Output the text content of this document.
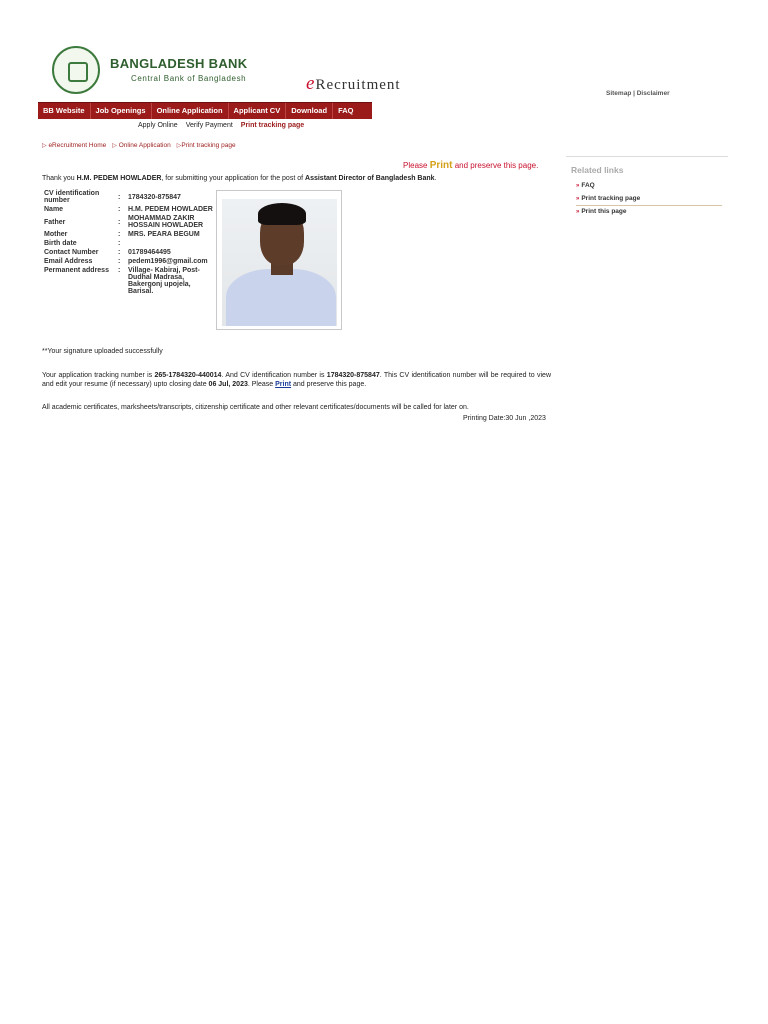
BANGLADESH BANK
Central Bank of Bangladesh	eRecruitment
Sitemap | Disclaimer
BB Website	Job Openings	Online Application	Applicant CV	Download	FAQ
Apply Online Verify Payment Print tracking page
▷ eRecruitment Home ▷ Online Application ▷Print tracking page
Please Print and preserve this page.
Thank you H.M. PEDEM HOWLADER, for submitting your application for the post of Assistant Director of Bangladesh Bank.
CV identification number	:	1784320-875847
Name	:	H.M. PEDEM HOWLADER
Father	:	MOHAMMAD ZAKIR HOSSAIN HOWLADER
Mother	:	MRS. PEARA BEGUM
Birth date	:	
Contact Number	:	01789464495
Email Address	:	pedem1996@gmail.com
Permanent address	:	Village- Kabiraj, Post- Dudhal Madrasa, Bakergonj upojela, Barisal.
**Your signature uploaded successfully
Your application tracking number is 265-1784320-440014. And CV identification number is 1784320-875847. This CV identification number will be required to view and edit your resume (if necessary) upto closing date 06 Jul, 2023. Please Print and preserve this page.
All academic certificates, marksheets/transcripts, citizenship certificate and other relevant certificates/documents will be called for later on.
Printing Date:30 Jun ,2023
Related links
» FAQ
» Print tracking page
» Print this page
